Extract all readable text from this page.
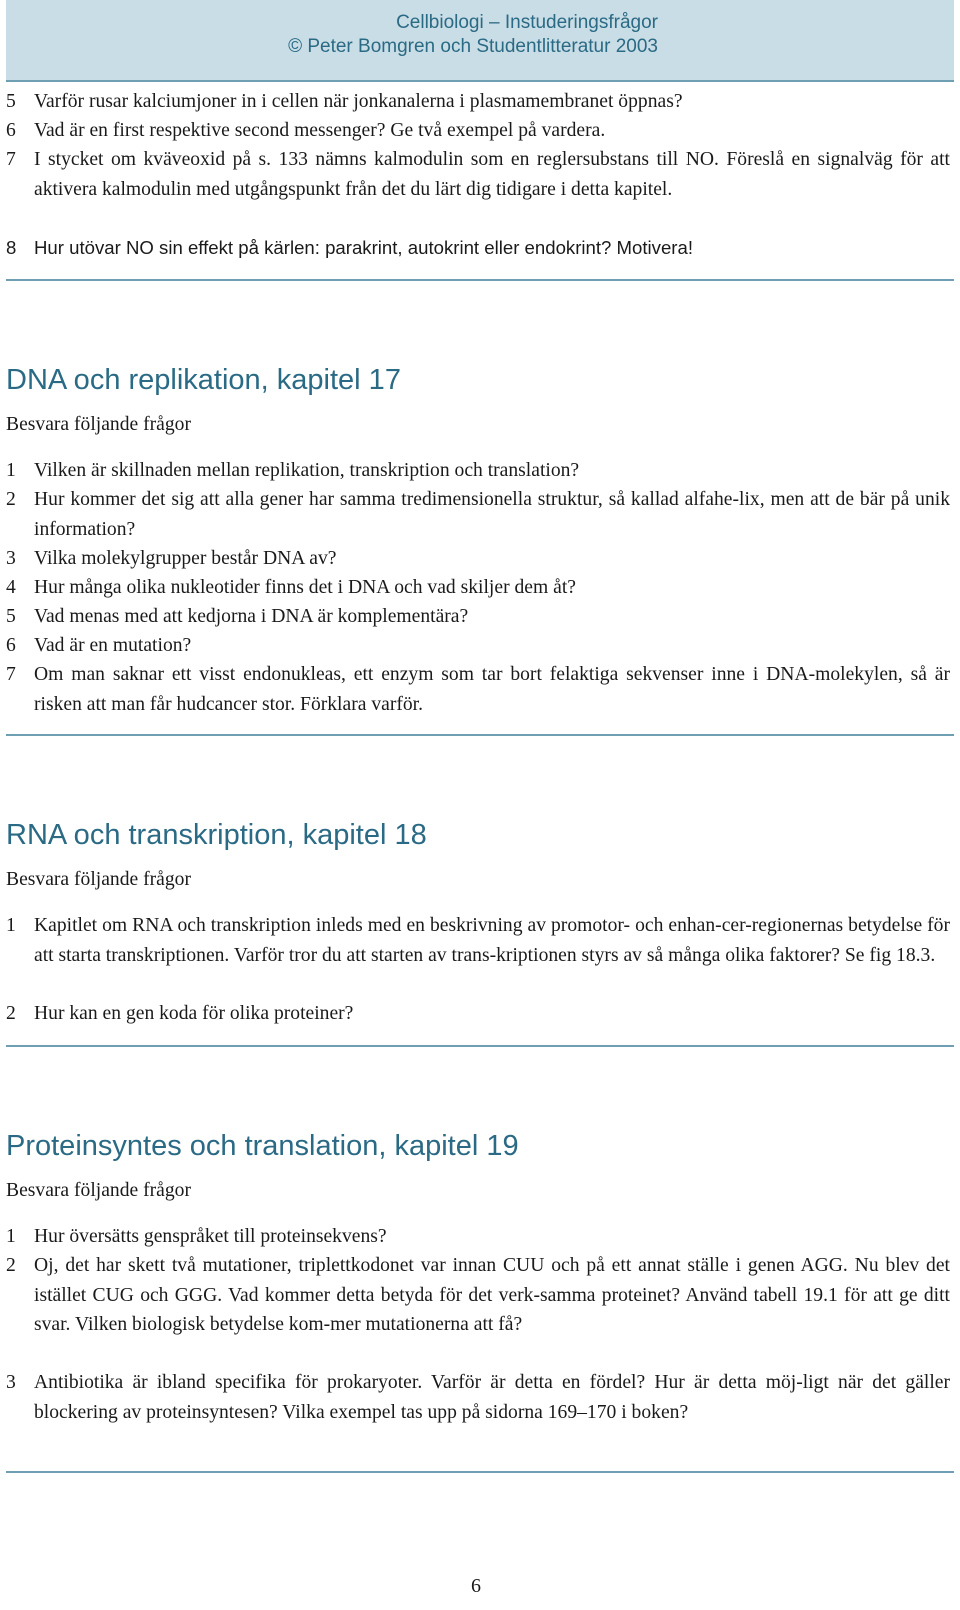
Cellbiologi – Instuderingsfrågor
© Peter Bomgren och Studentlitteratur 2003
5 Varför rusar kalciumjoner in i cellen när jonkanalerna i plasmamembranet öppnas?
6 Vad är en first respektive second messenger? Ge två exempel på vardera.
7 I stycket om kväveoxid på s. 133 nämns kalmodulin som en reglersubstans till NO. Föreslå en signalväg för att aktivera kalmodulin med utgångspunkt från det du lärt dig tidigare i detta kapitel.
8 Hur utövar NO sin effekt på kärlen: parakrint, autokrint eller endokrint? Motivera!
DNA och replikation, kapitel 17
Besvara följande frågor
1 Vilken är skillnaden mellan replikation, transkription och translation?
2 Hur kommer det sig att alla gener har samma tredimensionella struktur, så kallad alfahe-lix, men att de bär på unik information?
3 Vilka molekylgrupper består DNA av?
4 Hur många olika nukleotider finns det i DNA och vad skiljer dem åt?
5 Vad menas med att kedjorna i DNA är komplementära?
6 Vad är en mutation?
7 Om man saknar ett visst endonukleas, ett enzym som tar bort felaktiga sekvenser inne i DNA-molekylen, så är risken att man får hudcancer stor. Förklara varför.
RNA och transkription, kapitel 18
Besvara följande frågor
1 Kapitlet om RNA och transkription inleds med en beskrivning av promotor- och enhan-cer-regionernas betydelse för att starta transkriptionen. Varför tror du att starten av trans-kriptionen styrs av så många olika faktorer? Se fig 18.3.
2 Hur kan en gen koda för olika proteiner?
Proteinsyntes och translation, kapitel 19
Besvara följande frågor
1 Hur översätts genspråket till proteinsekvens?
2 Oj, det har skett två mutationer, triplettkodonet var innan CUU och på ett annat ställe i genen AGG. Nu blev det istället CUG och GGG. Vad kommer detta betyda för det verk-samma proteinet? Använd tabell 19.1 för att ge ditt svar. Vilken biologisk betydelse kom-mer mutationerna att få?
3 Antibiotika är ibland specifika för prokaryoter. Varför är detta en fördel? Hur är detta möj-ligt när det gäller blockering av proteinsyntesen? Vilka exempel tas upp på sidorna 169–170 i boken?
6
